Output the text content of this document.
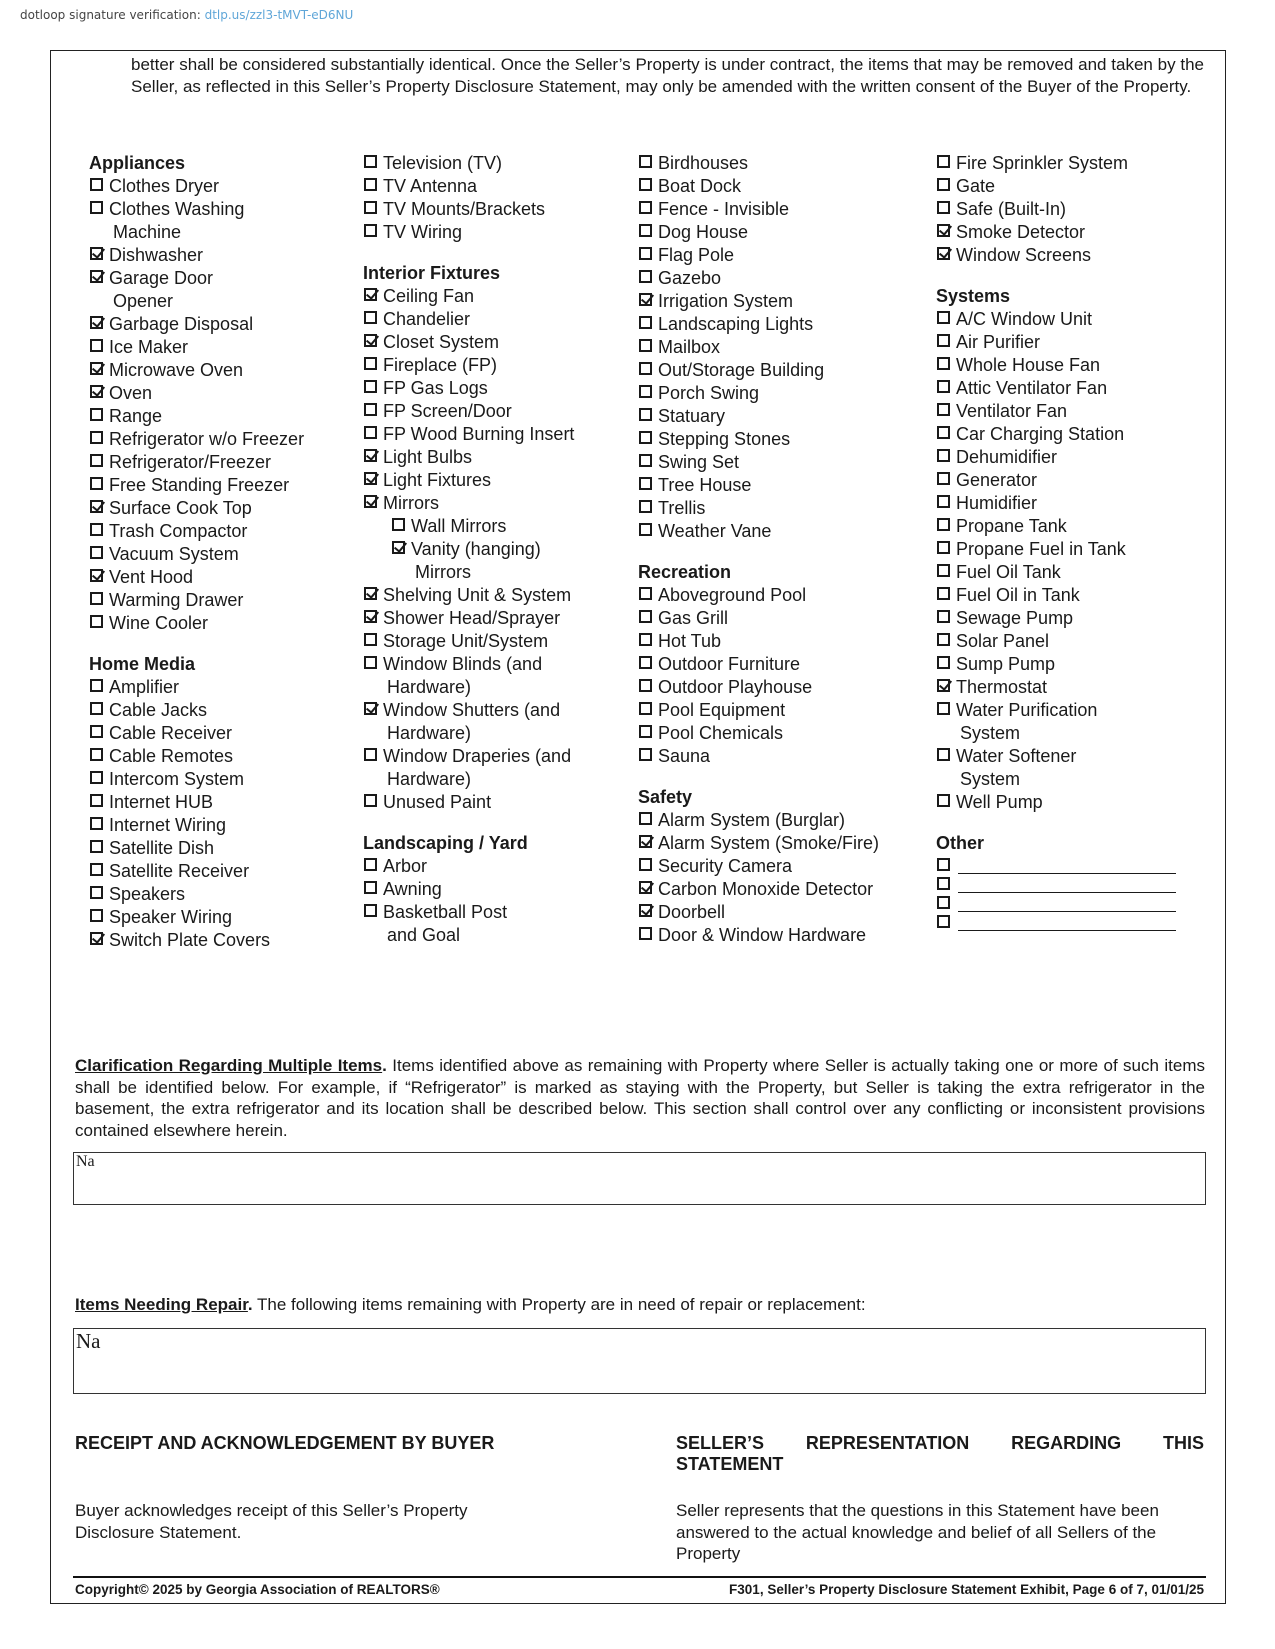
dotloop signature verification: dtlp.us/zzl3-tMVT-eD6NU
better shall be considered substantially identical. Once the Seller’s Property is under contract, the items that may be removed and taken by the Seller, as reflected in this Seller’s Property Disclosure Statement, may only be amended with the written consent of the Buyer of the Property.
Appliances
Clothes Dryer
Clothes Washing
Machine
Dishwasher
Garage Door
Opener
Garbage Disposal
Ice Maker
Microwave Oven
Oven
Range
Refrigerator w/o Freezer
Refrigerator/Freezer
Free Standing Freezer
Surface Cook Top
Trash Compactor
Vacuum System
Vent Hood
Warming Drawer
Wine Cooler
Home Media
Amplifier
Cable Jacks
Cable Receiver
Cable Remotes
Intercom System
Internet HUB
Internet Wiring
Satellite Dish
Satellite Receiver
Speakers
Speaker Wiring
Switch Plate Covers
Television (TV)
TV Antenna
TV Mounts/Brackets
TV Wiring
Interior Fixtures
Ceiling Fan
Chandelier
Closet System
Fireplace (FP)
FP Gas Logs
FP Screen/Door
FP Wood Burning Insert
Light Bulbs
Light Fixtures
Mirrors
Wall Mirrors
Vanity (hanging)
Mirrors
Shelving Unit & System
Shower Head/Sprayer
Storage Unit/System
Window Blinds (and
Hardware)
Window Shutters (and
Hardware)
Window Draperies (and
Hardware)
Unused Paint
Landscaping / Yard
Arbor
Awning
Basketball Post
and Goal
Birdhouses
Boat Dock
Fence - Invisible
Dog House
Flag Pole
Gazebo
Irrigation System
Landscaping Lights
Mailbox
Out/Storage Building
Porch Swing
Statuary
Stepping Stones
Swing Set
Tree House
Trellis
Weather Vane
Recreation
Aboveground Pool
Gas Grill
Hot Tub
Outdoor Furniture
Outdoor Playhouse
Pool Equipment
Pool Chemicals
Sauna
Safety
Alarm System (Burglar)
Alarm System (Smoke/Fire)
Security Camera
Carbon Monoxide Detector
Doorbell
Door & Window Hardware
Fire Sprinkler System
Gate
Safe (Built-In)
Smoke Detector
Window Screens
Systems
A/C Window Unit
Air Purifier
Whole House Fan
Attic Ventilator Fan
Ventilator Fan
Car Charging Station
Dehumidifier
Generator
Humidifier
Propane Tank
Propane Fuel in Tank
Fuel Oil Tank
Fuel Oil in Tank
Sewage Pump
Solar Panel
Sump Pump
Thermostat
Water Purification
System
Water Softener
System
Well Pump
Other
Clarification Regarding Multiple Items. Items identified above as remaining with Property where Seller is actually taking one or more of such items shall be identified below. For example, if “Refrigerator” is marked as staying with the Property, but Seller is taking the extra refrigerator in the basement, the extra refrigerator and its location shall be described below. This section shall control over any conflicting or inconsistent provisions contained elsewhere herein.
Na
Items Needing Repair. The following items remaining with Property are in need of repair or replacement:
Na
RECEIPT AND ACKNOWLEDGEMENT BY BUYER
Buyer acknowledges receipt of this Seller’s Property Disclosure Statement.
SELLER’S REPRESENTATION REGARDING THIS STATEMENT
Seller represents that the questions in this Statement have been answered to the actual knowledge and belief of all Sellers of the Property
Copyright© 2025 by Georgia Association of REALTORS®	F301, Seller’s Property Disclosure Statement Exhibit, Page 6 of 7, 01/01/25
